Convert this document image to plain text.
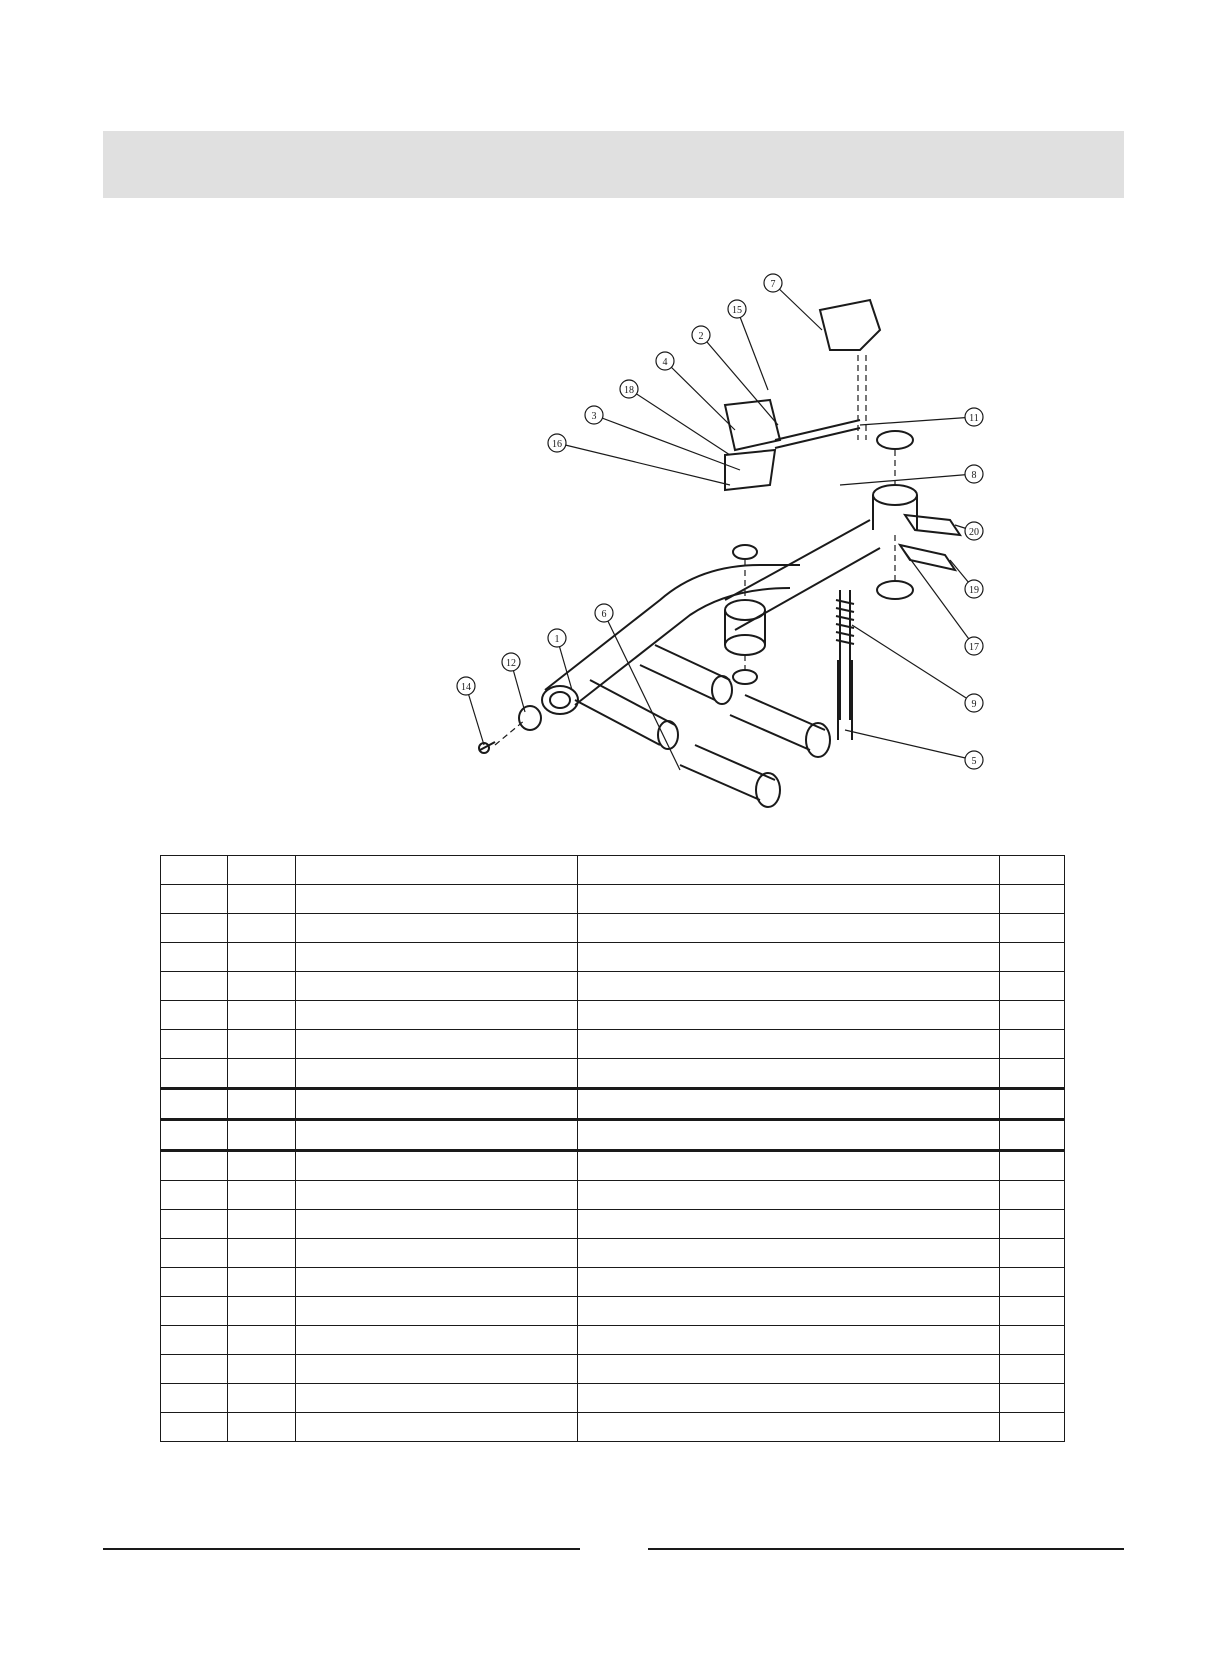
1
2
3
4
5
6
7
8
9
11
12
14
15
16
17
18
19
20
